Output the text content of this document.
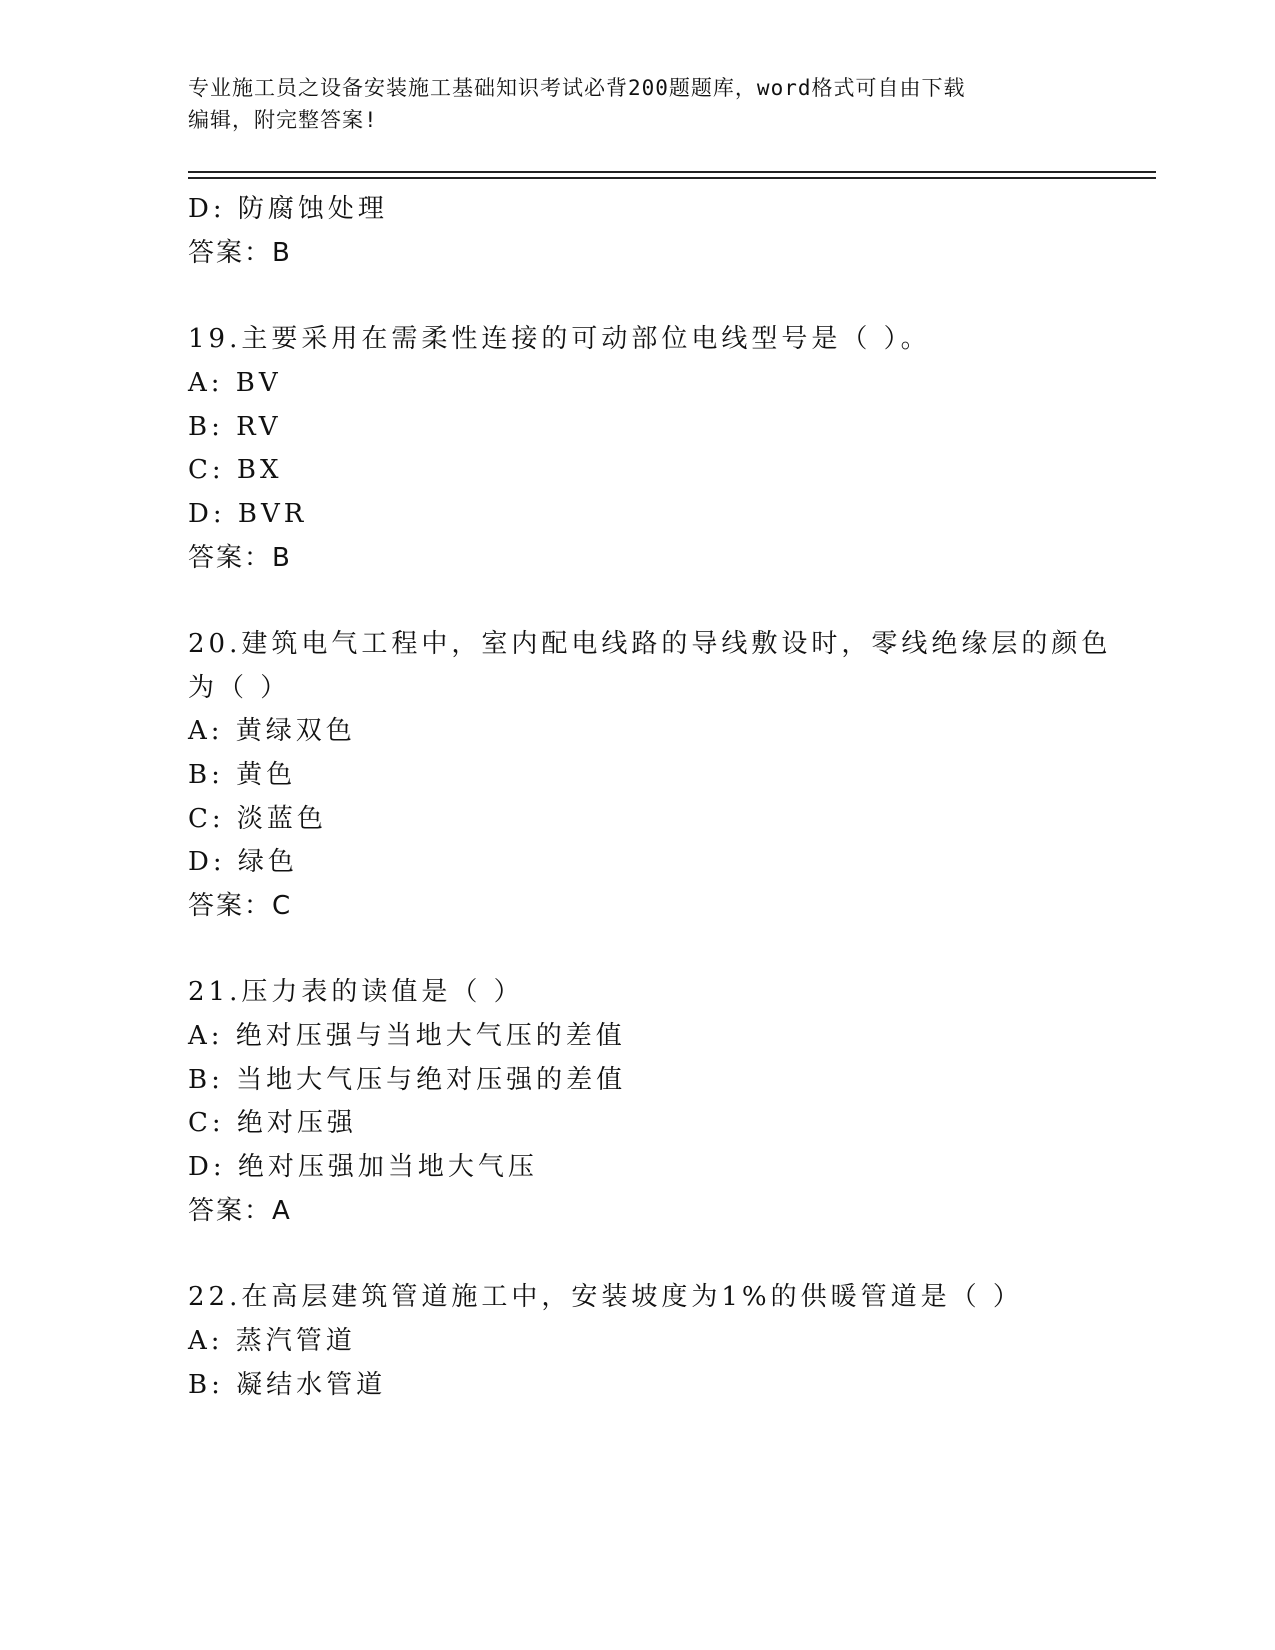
专业施工员之设备安装施工基础知识考试必背200题题库，word格式可自由下载
编辑，附完整答案!
D: 防腐蚀处理
答案：B
19.主要采用在需柔性连接的可动部位电线型号是（ ）。
A: BV
B: RV
C: BX
D: BVR
答案：B
20.建筑电气工程中，室内配电线路的导线敷设时，零线绝缘层的颜色
为（ ）
A: 黄绿双色
B: 黄色
C: 淡蓝色
D: 绿色
答案：C
21.压力表的读值是（ ）
A: 绝对压强与当地大气压的差值
B: 当地大气压与绝对压强的差值
C: 绝对压强
D: 绝对压强加当地大气压
答案：A
22.在高层建筑管道施工中，安装坡度为1%的供暖管道是（ ）
A: 蒸汽管道
B: 凝结水管道
